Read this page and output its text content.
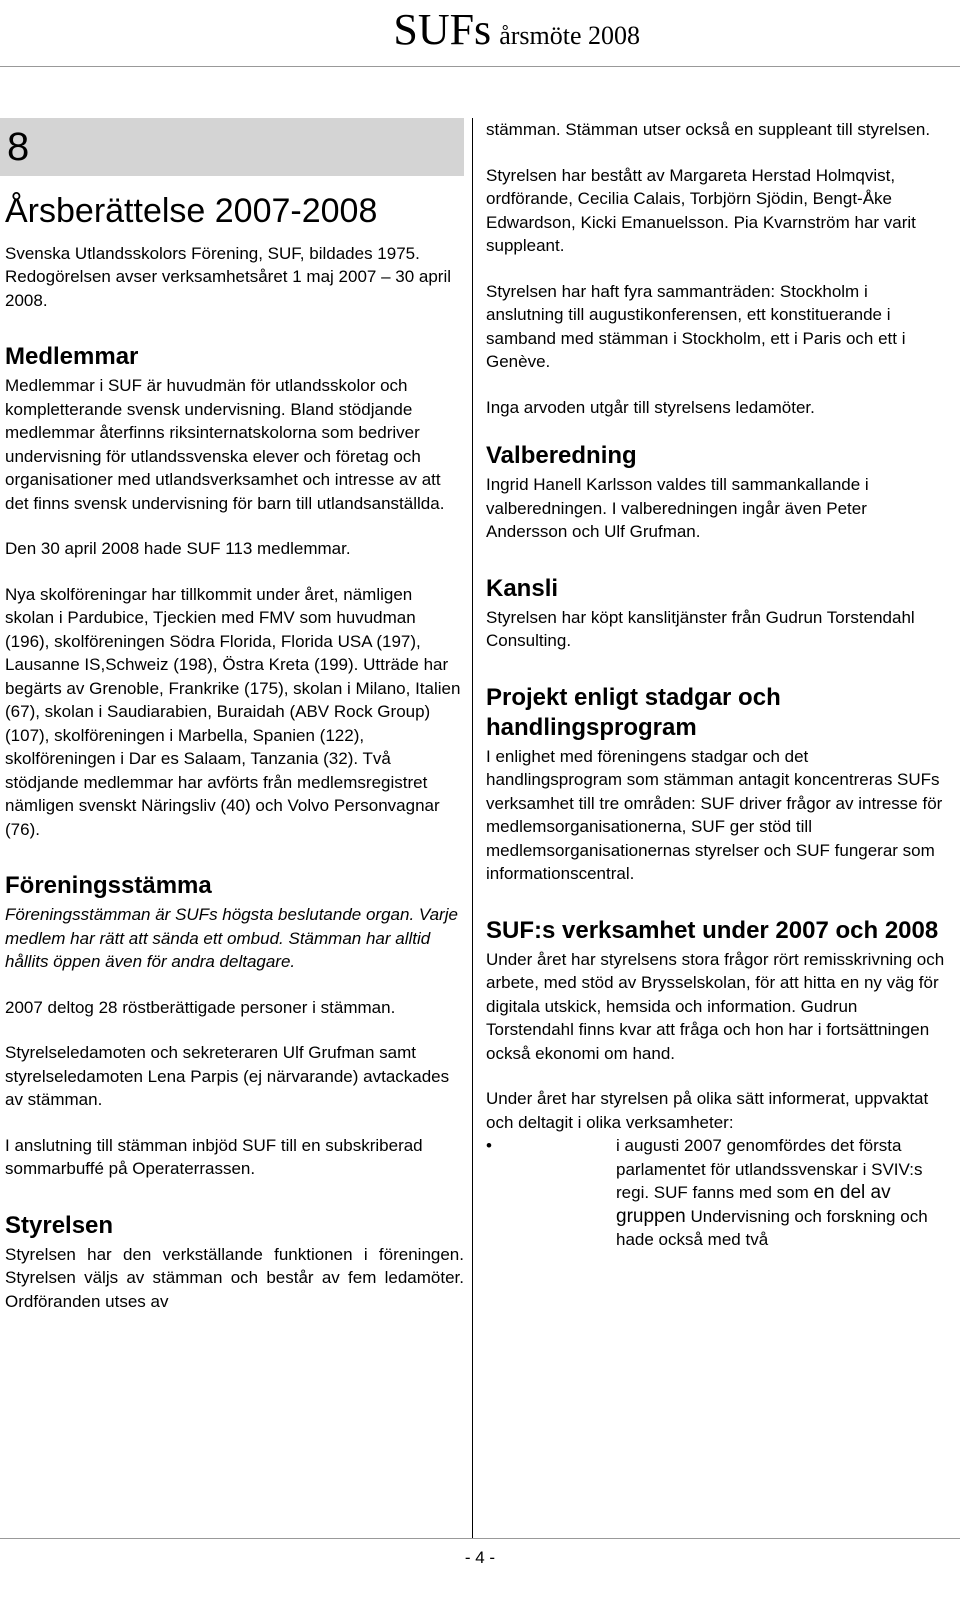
SUFs årsmöte 2008
8
Årsberättelse 2007-2008

Svenska Utlandsskolors Förening, SUF, bildades 1975. Redogörelsen avser verksamhetsåret 1 maj 2007 – 30 april 2008.

Medlemmar

Medlemmar i SUF är huvudmän för utlandsskolor och kompletterande svensk undervisning. Bland stödjande medlemmar återfinns riksinternatskolorna som bedriver undervisning för utlandssvenska elever och företag och organisationer med utlandsverksamhet och intresse av att det finns svensk undervisning för barn till utlandsanställda.

Den 30 april 2008 hade SUF 113 medlemmar.

Nya skolföreningar har tillkommit under året, nämligen skolan i Pardubice, Tjeckien med FMV som huvudman (196), skolföreningen Södra Florida, Florida USA (197), Lausanne IS,Schweiz (198), Östra Kreta (199). Utträde har begärts av Grenoble, Frankrike (175), skolan i Milano, Italien (67), skolan i Saudiarabien, Buraidah (ABV Rock Group) (107), skolföreningen i Marbella, Spanien (122), skolföreningen i Dar es Salaam, Tanzania (32). Två stödjande medlemmar har avförts från medlemsregistret nämligen svenskt Näringsliv (40) och Volvo Personvagnar (76).

Föreningsstämma

Föreningsstämman är SUFs högsta beslutande organ. Varje medlem har rätt att sända ett ombud. Stämman har alltid hållits öppen även för andra deltagare.

2007 deltog 28 röstberättigade personer i stämman.

Styrelseledamoten och sekreteraren Ulf Grufman samt styrelseledamoten Lena Parpis (ej närvarande) avtackades av stämman.

I anslutning till stämman inbjöd SUF till en subskriberad sommarbuffé på Operaterrassen.

Styrelsen

Styrelsen har den verkställande funktionen i föreningen. Styrelsen väljs av stämman och består av fem ledamöter. Ordföranden utses av

stämman. Stämman utser också en suppleant till styrelsen.

Styrelsen har bestått av Margareta Herstad Holmqvist, ordförande, Cecilia Calais, Torbjörn Sjödin, Bengt-Åke Edwardson, Kicki Emanuelsson. Pia Kvarnström har varit suppleant.

Styrelsen har haft fyra sammanträden: Stockholm i anslutning till augustikonferensen, ett konstituerande i samband med stämman i Stockholm, ett i Paris och ett i Genève.

Inga arvoden utgår till styrelsens ledamöter.

Valberedning

Ingrid Hanell Karlsson valdes till sammankallande i valberedningen. I valberedningen ingår även Peter Andersson och Ulf Grufman.

Kansli

Styrelsen har köpt kanslitjänster från Gudrun Torstendahl Consulting.

Projekt enligt stadgar och handlingsprogram

I enlighet med föreningens stadgar och det handlingsprogram som stämman antagit koncentreras SUFs verksamhet till tre områden: SUF driver frågor av intresse för medlemsorganisationerna, SUF ger stöd till medlemsorganisationernas styrelser och SUF fungerar som informationscentral.

SUF:s verksamhet under 2007 och 2008

Under året har styrelsens stora frågor rört remisskrivning och arbete, med stöd av Brysselskolan, för att hitta en ny väg för digitala utskick, hemsida och information. Gudrun Torstendahl finns kvar att fråga och hon har i fortsättningen också ekonomi om hand.

Under året har styrelsen på olika sätt informerat, uppvaktat och deltagit i olika verksamheter:

• i augusti 2007 genomfördes det första parlamentet för utlandssvenskar i SVIV:s regi. SUF fanns med som en del av gruppen Undervisning och forskning och hade också med två
- 4 -
